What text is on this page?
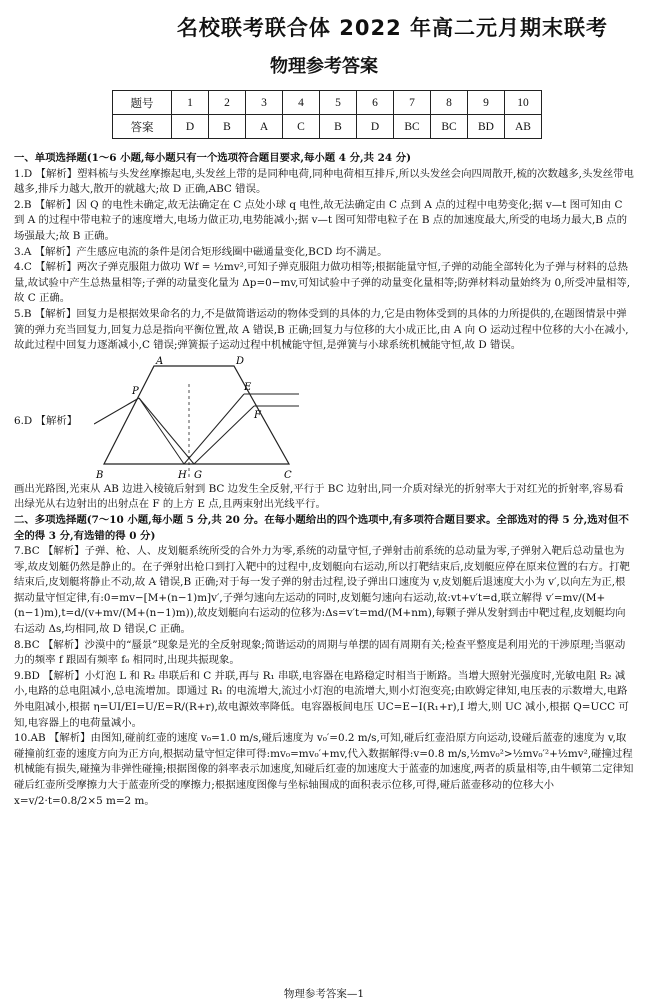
名校联考联合体 2022 年高二元月期末联考
物理参考答案
题号	1	2	3	4	5	6	7	8	9	10
答案	D	B	A	C	B	D	BC	BC	BD	AB

一、单项选择题(1～6 小题,每小题只有一个选项符合题目要求,每小题 4 分,共 24 分)

1.D 【解析】塑料梳与头发丝摩擦起电,头发丝上带的是同种电荷,同种电荷相互排斥,所以头发丝会向四周散开,梳的次数越多,头发丝带电越多,排斥力越大,散开的就越大;故 D 正确,ABC 错误。

2.B 【解析】因 Q 的电性未确定,故无法确定在 C 点处小球 q 电性,故无法确定由 C 点到 A 点的过程中电势变化;据 v—t 图可知由 C 到 A 的过程中带电粒子的速度增大,电场力做正功,电势能减小;据 v—t 图可知带电粒子在 B 点的加速度最大,所受的电场力最大,B 点的场强最大;故 B 正确。

3.A 【解析】产生感应电流的条件是闭合矩形线圈中磁通量变化,BCD 均不满足。

4.C 【解析】两次子弹克服阻力做功 Wf = ½mv²,可知子弹克服阻力做功相等;根据能量守恒,子弹的动能全部转化为子弹与材料的总热量,故试验中产生总热量相等;子弹的动量变化量为 Δp=0−mv,可知试验中子弹的动量变化量相等;防弹材料动量始终为 0,所受冲量相等,故 C 正确。

5.B 【解析】回复力是根据效果命名的力,不是做简谐运动的物体受到的具体的力,它是由物体受到的具体的力所提供的,在题图情景中弹簧的弹力充当回复力,回复力总是指向平衡位置,故 A 错误,B 正确;回复力与位移的大小成正比,由 A 向 O 运动过程中位移的大小在减小,故此过程中回复力逐渐减小,C 错误;弹簧振子运动过程中机械能守恒,是弹簧与小球系统机械能守恒,故 D 错误。

6.D 【解析】
A	D
B	C
E
F
H G
P

画出光路图,光束从 AB 边进入棱镜后射到 BC 边发生全反射,平行于 BC 边射出,同一介质对绿光的折射率大于对红光的折射率,容易看出绿光从右边射出的出射点在 F 的上方 E 点,且两束射出光线平行。

二、多项选择题(7～10 小题,每小题 5 分,共 20 分。在每小题给出的四个选项中,有多项符合题目要求。全部选对的得 5 分,选对但不全的得 3 分,有选错的得 0 分)

7.BC 【解析】子弹、枪、人、皮划艇系统所受的合外力为零,系统的动量守恒,子弹射击前系统的总动量为零,子弹射入靶后总动量也为零,故皮划艇仍然是静止的。在子弹射出枪口到打入靶中的过程中,皮划艇向右运动,所以打靶结束后,皮划艇应停在原来位置的右方。打靶结束后,皮划艇将静止不动,故 A 错误,B 正确;对于每一发子弹的射击过程,设子弹出口速度为 v,皮划艇后退速度大小为 v′,以向左为正,根据动量守恒定律,有:0=mv−[M+(n−1)m]v′,子弹匀速向左运动的同时,皮划艇匀速向右运动,故:vt+v′t=d,联立解得 v′=mv/(M+(n−1)m),t=d/(v+mv/(M+(n−1)m)),故皮划艇向右运动的位移为:Δs=v′t=md/(M+nm),每颗子弹从发射到击中靶过程,皮划艇均向右运动 Δs,均相同,故 D 错误,C 正确。

8.BC 【解析】沙漠中的“蜃景”现象是光的全反射现象;简谐运动的周期与单摆的固有周期有关;检查平整度是利用光的干涉原理;当驱动力的频率 f 跟固有频率 f₀ 相同时,出现共振现象。

9.BD 【解析】小灯泡 L 和 R₂ 串联后和 C 并联,再与 R₁ 串联,电容器在电路稳定时相当于断路。当增大照射光强度时,光敏电阻 R₂ 减小,电路的总电阻减小,总电流增加。即通过 R₁ 的电流增大,流过小灯泡的电流增大,则小灯泡变亮;由欧姆定律知,电压表的示数增大,电路外电阻减小,根据 η=UI/EI=U/E=R/(R+r),故电源效率降低。电容器板间电压 UC=E−I(R₁+r),I 增大,则 UC 减小,根据 Q=UCC 可知,电容器上的电荷量减小。

10.AB 【解析】由图知,碰前红壶的速度 v₀=1.0 m/s,碰后速度为 v₀′=0.2 m/s,可知,碰后红壶沿原方向运动,设碰后蓝壶的速度为 v,取碰撞前红壶的速度方向为正方向,根据动量守恒定律可得:mv₀=mv₀′+mv,代入数据解得:v=0.8 m/s,½mv₀²>½mv₀′²+½mv²,碰撞过程机械能有损失,碰撞为非弹性碰撞;根据图像的斜率表示加速度,知碰后红壶的加速度大于蓝壶的加速度,两者的质量相等,由牛顿第二定律知碰后红壶所受摩擦力大于蓝壶所受的摩擦力;根据速度图像与坐标轴围成的面积表示位移,可得,碰后蓝壶移动的位移大小 x=v/2·t=0.8/2×5 m=2 m。

物理参考答案—1
